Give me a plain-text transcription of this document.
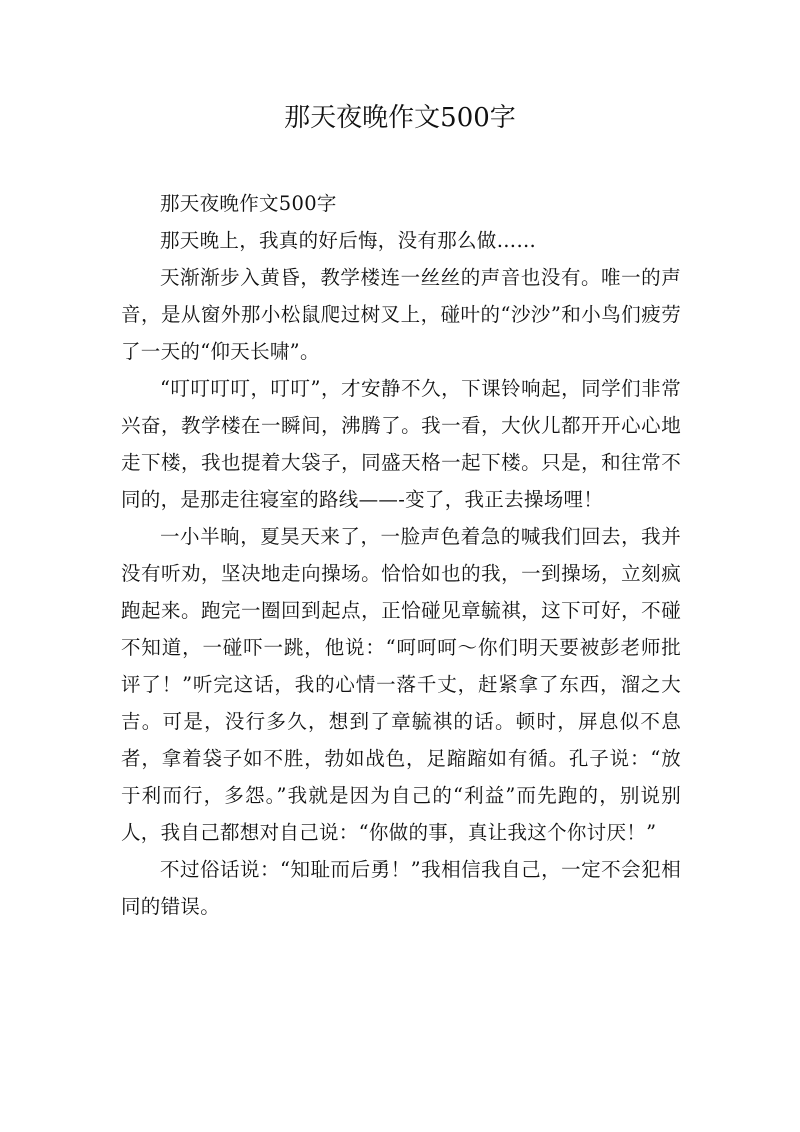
那天夜晚作文500字

那天夜晚作文500字

那天晚上，我真的好后悔，没有那么做……

天渐渐步入黄昏，教学楼连一丝丝的声音也没有。唯一的声音，是从窗外那小松鼠爬过树叉上，碰叶的“沙沙”和小鸟们疲劳了一天的“仰天长啸”。

“叮叮叮叮，叮叮”，才安静不久，下课铃响起，同学们非常兴奋，教学楼在一瞬间，沸腾了。我一看，大伙儿都开开心心地走下楼，我也提着大袋子，同盛天格一起下楼。只是，和往常不同的，是那走往寝室的路线——-变了，我正去操场哩！

一小半晌，夏昊天来了，一脸声色着急的喊我们回去，我并没有听劝，坚决地走向操场。恰恰如也的我，一到操场，立刻疯跑起来。跑完一圈回到起点，正恰碰见章毓祺，这下可好，不碰不知道，一碰吓一跳，他说：“呵呵呵～你们明天要被彭老师批评了！”听完这话，我的心情一落千丈，赶紧拿了东西，溜之大吉。可是，没行多久，想到了章毓祺的话。顿时，屏息似不息者，拿着袋子如不胜，勃如战色，足蹜蹜如有循。孔子说：“放于利而行，多怨。”我就是因为自己的“利益”而先跑的，别说别人，我自己都想对自己说：“你做的事，真让我这个你讨厌！”

不过俗话说：“知耻而后勇！”我相信我自己，一定不会犯相同的错误。
